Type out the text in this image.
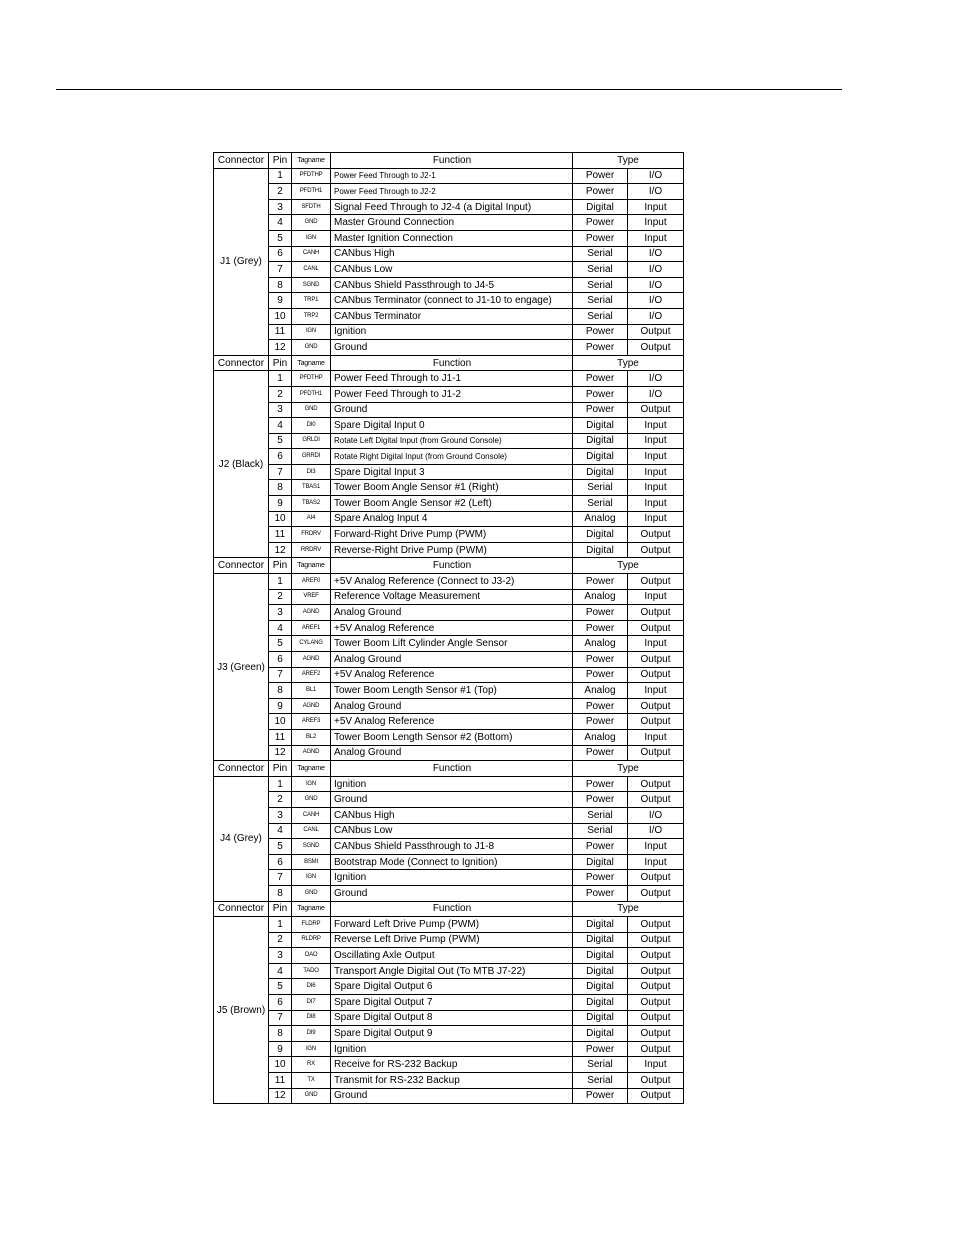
Connector	Pin	Tagname	Function	Type	
J1 (Grey)	1	PFDTHP	Power Feed Through to J2-1	Power	I/O
	2	PFDTH1	Power Feed Through to J2-2	Power	I/O
	3	SFDTH	Signal Feed Through to J2-4 (a Digital Input)	Digital	Input
	4	GND	Master Ground Connection	Power	Input
	5	IGN	Master Ignition Connection	Power	Input
	6	CANH	CANbus High	Serial	I/O
	7	CANL	CANbus Low	Serial	I/O
	8	SGND	CANbus Shield Passthrough to J4-5	Serial	I/O
	9	TRP1	CANbus Terminator (connect to J1-10 to engage)	Serial	I/O
	10	TRP2	CANbus Terminator	Serial	I/O
	11	IGN	Ignition	Power	Output
	12	GND	Ground	Power	Output
Connector	Pin	Tagname	Function	Type	
J2 (Black)	1	PFDTHP	Power Feed Through to J1-1	Power	I/O
	2	PFDTH1	Power Feed Through to J1-2	Power	I/O
	3	GND	Ground	Power	Output
	4	DI0	Spare Digital Input 0	Digital	Input
	5	GRLDI	Rotate Left Digital Input (from Ground Console)	Digital	Input
	6	GRRDI	Rotate Right Digital Input (from Ground Console)	Digital	Input
	7	DI3	Spare Digital Input 3	Digital	Input
	8	TBAS1	Tower Boom Angle Sensor #1 (Right)	Serial	Input
	9	TBAS2	Tower Boom Angle Sensor #2 (Left)	Serial	Input
	10	AI4	Spare Analog Input 4	Analog	Input
	11	FRDRV	Forward-Right Drive Pump (PWM)	Digital	Output
	12	RRDRV	Reverse-Right Drive Pump (PWM)	Digital	Output
Connector	Pin	Tagname	Function	Type	
J3 (Green)	1	AREF0	+5V Analog Reference (Connect to J3-2)	Power	Output
	2	VREF	Reference Voltage Measurement	Analog	Input
	3	AGND	Analog Ground	Power	Output
	4	AREF1	+5V Analog Reference	Power	Output
	5	CYLANG	Tower Boom Lift Cylinder Angle Sensor	Analog	Input
	6	AGND	Analog Ground	Power	Output
	7	AREF2	+5V Analog Reference	Power	Output
	8	BL1	Tower Boom Length Sensor #1 (Top)	Analog	Input
	9	AGND	Analog Ground	Power	Output
	10	AREF3	+5V Analog Reference	Power	Output
	11	BL2	Tower Boom Length Sensor #2 (Bottom)	Analog	Input
	12	AGND	Analog Ground	Power	Output
Connector	Pin	Tagname	Function	Type	
J4 (Grey)	1	IGN	Ignition	Power	Output
	2	GND	Ground	Power	Output
	3	CANH	CANbus High	Serial	I/O
	4	CANL	CANbus Low	Serial	I/O
	5	SGND	CANbus Shield Passthrough to J1-8	Power	Input
	6	BSMI	Bootstrap Mode (Connect to Ignition)	Digital	Input
	7	IGN	Ignition	Power	Output
	8	GND	Ground	Power	Output
Connector	Pin	Tagname	Function	Type	
J5 (Brown)	1	FLDRP	Forward Left Drive Pump (PWM)	Digital	Output
	2	RLDRP	Reverse Left Drive Pump (PWM)	Digital	Output
	3	OAO	Oscillating Axle Output	Digital	Output
	4	TADO	Transport Angle Digital Out (To MTB J7-22)	Digital	Output
	5	DI6	Spare Digital Output 6	Digital	Output
	6	DI7	Spare Digital Output 7	Digital	Output
	7	DI8	Spare Digital Output 8	Digital	Output
	8	DI9	Spare Digital Output 9	Digital	Output
	9	IGN	Ignition	Power	Output
	10	RX	Receive for RS-232 Backup	Serial	Input
	11	TX	Transmit for RS-232 Backup	Serial	Output
	12	GND	Ground	Power	Output
